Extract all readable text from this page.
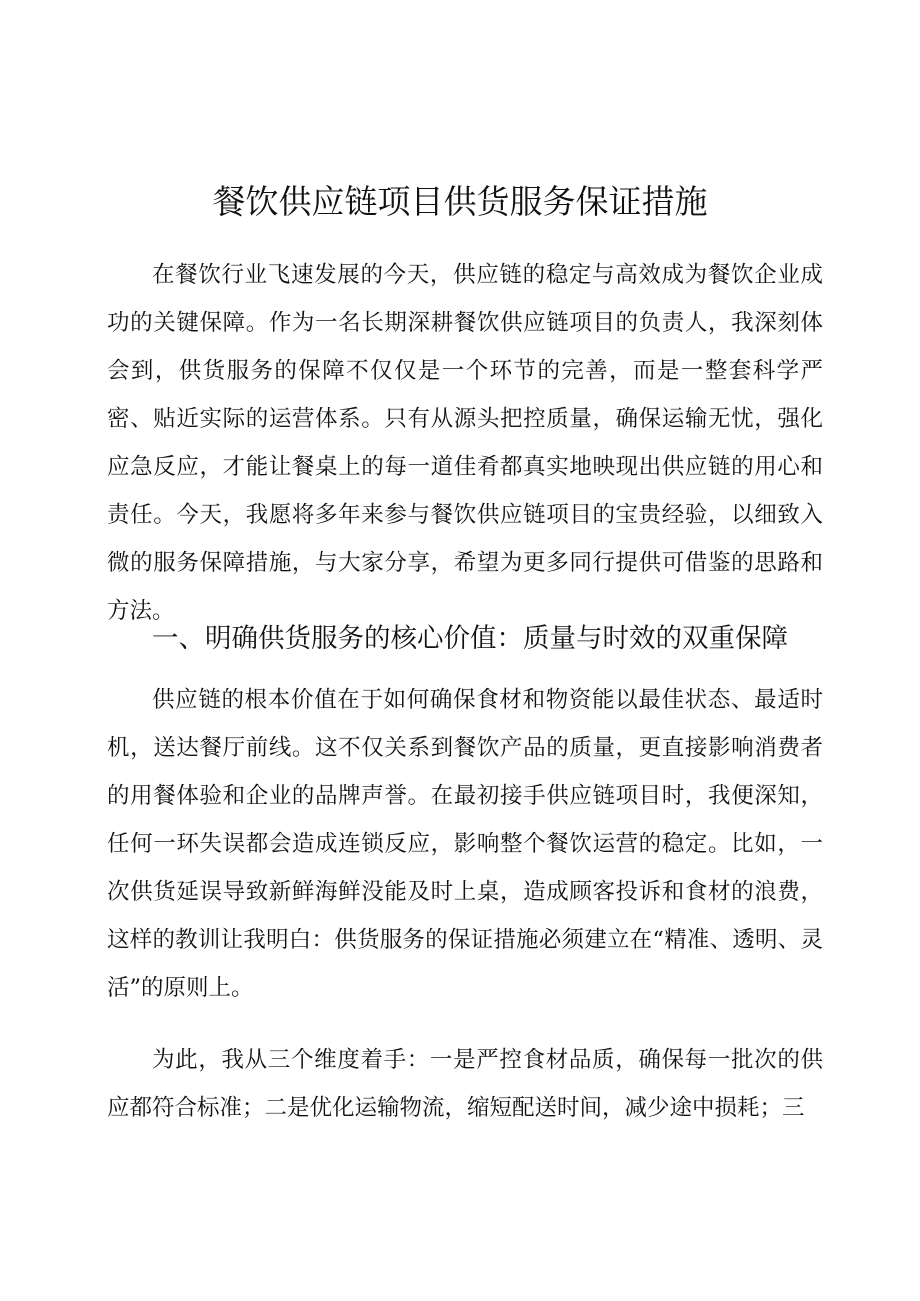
餐饮供应链项目供货服务保证措施

在餐饮行业飞速发展的今天，供应链的稳定与高效成为餐饮企业成功的关键保障。作为一名长期深耕餐饮供应链项目的负责人，我深刻体会到，供货服务的保障不仅仅是一个环节的完善，而是一整套科学严密、贴近实际的运营体系。只有从源头把控质量，确保运输无忧，强化应急反应，才能让餐桌上的每一道佳肴都真实地映现出供应链的用心和责任。今天，我愿将多年来参与餐饮供应链项目的宝贵经验，以细致入微的服务保障措施，与大家分享，希望为更多同行提供可借鉴的思路和方法。

一、明确供货服务的核心价值：质量与时效的双重保障

供应链的根本价值在于如何确保食材和物资能以最佳状态、最适时机，送达餐厅前线。这不仅关系到餐饮产品的质量，更直接影响消费者的用餐体验和企业的品牌声誉。在最初接手供应链项目时，我便深知，任何一环失误都会造成连锁反应，影响整个餐饮运营的稳定。比如，一次供货延误导致新鲜海鲜没能及时上桌，造成顾客投诉和食材的浪费，这样的教训让我明白：供货服务的保证措施必须建立在“精准、透明、灵活”的原则上。

为此，我从三个维度着手：一是严控食材品质，确保每一批次的供应都符合标准；二是优化运输物流，缩短配送时间，减少途中损耗；三
